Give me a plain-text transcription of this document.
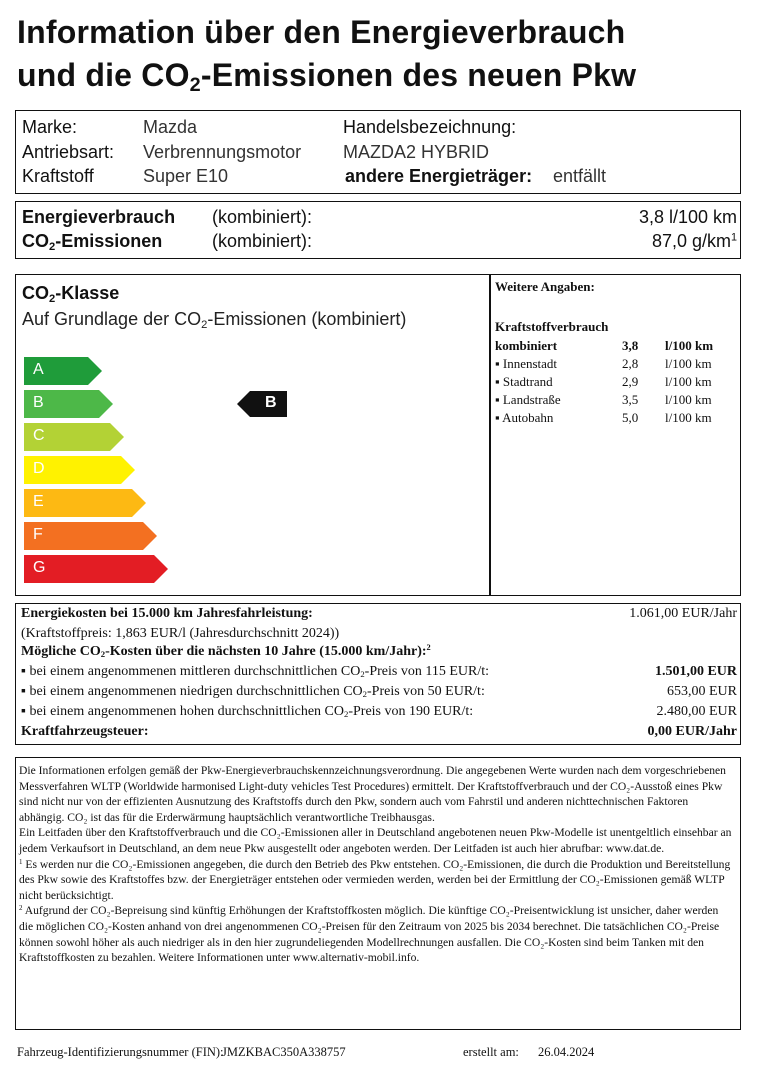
Information über den Energieverbrauch
und die $CO_2$-Emissionen des neuen Pkw
Marke:	Mazda
Antriebsart: Verbrennungsmotor
Kraftstoff	Super E10
Handelsbezeichnung:
MAZDA2 HYBRID
andere Energieträger: entfällt
Energieverbrauch (kombiniert):	3,8 l/100 km
$CO_2$-Emissionen	(kombiniert):	87,0 $g/km^1$
$CO_2$-Klasse
Auf Grundlage der $CO_2$-Emissionen (kombiniert)
A
B
C
D
E
F
G
B
Weitere Angaben:
Kraftstoffverbrauch
kombiniert	3,8 l/100 km
▪ Innenstadt	2,8 l/100 km
▪ Stadtrand	2,9 l/100 km
▪ Landstraße	3,5 l/100 km
▪ Autobahn	5,0 l/100 km
Energiekosten bei 15.000 km Jahresfahrleistung:	1.061,00 EUR/Jahr
(Kraftstoffpreis: 1,863 EUR/l (Jahresdurchschnitt 2024))
Mögliche $CO_2$-Kosten über die nächsten 10 Jahre (15.000 km/Jahr):$^2$
▪ bei einem angenommenen mittleren durchschnittlichen $CO_2$-Preis von 115 EUR/t:	1.501,00 EUR
▪ bei einem angenommenen niedrigen durchschnittlichen $CO_2$-Preis von 50 EUR/t:	653,00 EUR
▪ bei einem angenommenen hohen durchschnittlichen $CO_2$-Preis von 190 EUR/t:	2.480,00 EUR
Kraftfahrzeugsteuer:	0,00 EUR/Jahr

Die Informationen erfolgen gemäß der Pkw-Energieverbrauchskennzeichnungsverordnung. Die angegebenen Werte wurden nach dem vorgeschriebenen Messverfahren WLTP (Worldwide harmonised Light-duty vehicles Test Procedures) ermittelt. Der Kraftstoffverbrauch und der CO₂-Ausstoß eines Pkw sind nicht nur von der effizienten Ausnutzung des Kraftstoffs durch den Pkw, sondern auch vom Fahrstil und anderen nichttechnischen Faktoren abhängig. CO₂ ist das für die Erderwärmung hauptsächlich verantwortliche Treibhausgas.

Ein Leitfaden über den Kraftstoffverbrauch und die CO₂-Emissionen aller in Deutschland angebotenen neuen Pkw-Modelle ist unentgeltlich einsehbar an jedem Verkaufsort in Deutschland, an dem neue Pkw ausgestellt oder angeboten werden. Der Leitfaden ist auch hier abrufbar: www.dat.de.

$^1$ Es werden nur die CO₂-Emissionen angegeben, die durch den Betrieb des Pkw entstehen. CO₂-Emissionen, die durch die Produktion und Bereitstellung des Pkw sowie des Kraftstoffes bzw. der Energieträger entstehen oder vermieden werden, werden bei der Ermittlung der CO₂-Emissionen gemäß WLTP nicht berücksichtigt.

$^2$ Aufgrund der CO₂-Bepreisung sind künftig Erhöhungen der Kraftstoffkosten möglich. Die künftige CO₂-Preisentwicklung ist unsicher, daher werden die möglichen CO₂-Kosten anhand von drei angenommenen CO₂-Preisen für den Zeitraum von 2025 bis 2034 berechnet. Die tatsächlichen CO₂-Preise können sowohl höher als auch niedriger als in den hier zugrundeliegenden Modellrechnungen ausfallen. Die CO₂-Kosten sind beim Tanken mit den Kraftstoffkosten zu bezahlen. Weitere Informationen unter www.alternativ-mobil.info.

Fahrzeug-Identifizierungsnummer (FIN):
JMZKBAC350A338757	erstellt am: 26.04.2024
